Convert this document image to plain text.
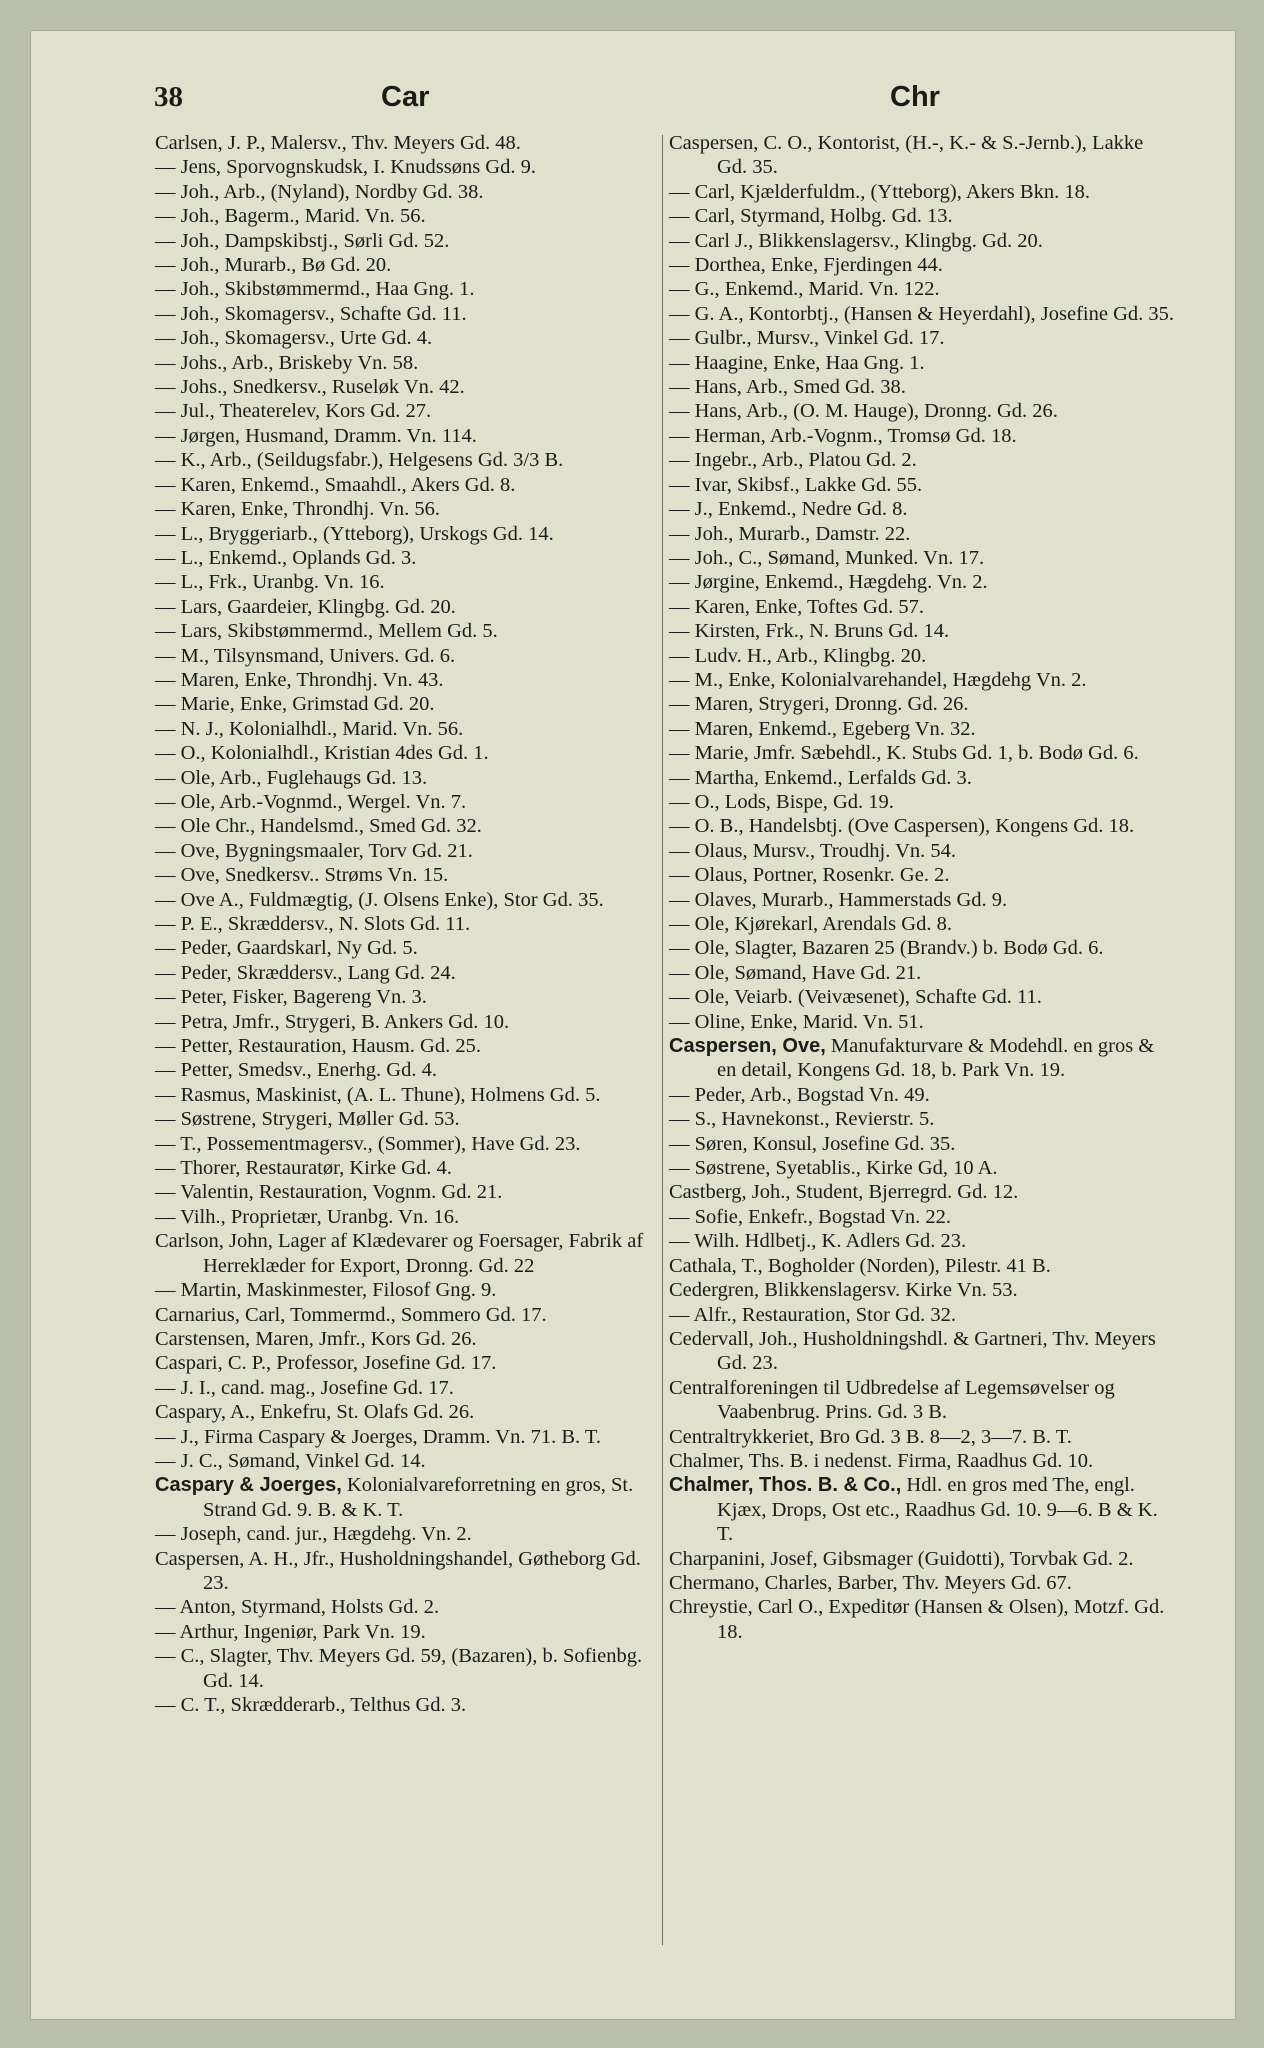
38	Car	Chr
Carlsen, J. P., Malersv., Thv. Meyers Gd. 48.
— Jens, Sporvognskudsk, I. Knudssøns Gd. 9.
— Joh., Arb., (Nyland), Nordby Gd. 38.
— Joh., Bagerm., Marid. Vn. 56.
— Joh., Dampskibstj., Sørli Gd. 52.
— Joh., Murarb., Bø Gd. 20.
— Joh., Skibstømmermd., Haa Gng. 1.
— Joh., Skomagersv., Schafte Gd. 11.
— Joh., Skomagersv., Urte Gd. 4.
— Johs., Arb., Briskeby Vn. 58.
— Johs., Snedkersv., Ruseløk Vn. 42.
— Jul., Theaterelev, Kors Gd. 27.
— Jørgen, Husmand, Dramm. Vn. 114.
— K., Arb., (Seildugsfabr.), Helgesens Gd. 3/3 B.
— Karen, Enkemd., Smaahdl., Akers Gd. 8.
— Karen, Enke, Throndhj. Vn. 56.
— L., Bryggeriarb., (Ytteborg), Urskogs Gd. 14.
— L., Enkemd., Oplands Gd. 3.
— L., Frk., Uranbg. Vn. 16.
— Lars, Gaardeier, Klingbg. Gd. 20.
— Lars, Skibstømmermd., Mellem Gd. 5.
— M., Tilsynsmand, Univers. Gd. 6.
— Maren, Enke, Throndhj. Vn. 43.
— Marie, Enke, Grimstad Gd. 20.
— N. J., Kolonialhdl., Marid. Vn. 56.
— O., Kolonialhdl., Kristian 4des Gd. 1.
— Ole, Arb., Fuglehaugs Gd. 13.
— Ole, Arb.-Vognmd., Wergel. Vn. 7.
— Ole Chr., Handelsmd., Smed Gd. 32.
— Ove, Bygningsmaaler, Torv Gd. 21.
— Ove, Snedkersv.. Strøms Vn. 15.
— Ove A., Fuldmægtig, (J. Olsens Enke), Stor Gd. 35.
— P. E., Skræddersv., N. Slots Gd. 11.
— Peder, Gaardskarl, Ny Gd. 5.
— Peder, Skræddersv., Lang Gd. 24.
— Peter, Fisker, Bagereng Vn. 3.
— Petra, Jmfr., Strygeri, B. Ankers Gd. 10.
— Petter, Restauration, Hausm. Gd. 25.
— Petter, Smedsv., Enerhg. Gd. 4.
— Rasmus, Maskinist, (A. L. Thune), Holmens Gd. 5.
— Søstrene, Strygeri, Møller Gd. 53.
— T., Possementmagersv., (Sommer), Have Gd. 23.
— Thorer, Restauratør, Kirke Gd. 4.
— Valentin, Restauration, Vognm. Gd. 21.
— Vilh., Proprietær, Uranbg. Vn. 16.
Carlson, John, Lager af Klædevarer og Foersager, Fabrik af Herreklæder for Export, Dronng. Gd. 22
— Martin, Maskinmester, Filosof Gng. 9.
Carnarius, Carl, Tommermd., Sommero Gd. 17.
Carstensen, Maren, Jmfr., Kors Gd. 26.
Caspari, C. P., Professor, Josefine Gd. 17.
— J. I., cand. mag., Josefine Gd. 17.
Caspary, A., Enkefru, St. Olafs Gd. 26.
— J., Firma Caspary & Joerges, Dramm. Vn. 71. B. T.
— J. C., Sømand, Vinkel Gd. 14.
Caspary & Joerges, Kolonialvareforretning en gros, St. Strand Gd. 9. B. & K. T.
— Joseph, cand. jur., Hægdehg. Vn. 2.
Caspersen, A. H., Jfr., Husholdningshandel, Gøtheborg Gd. 23.
— Anton, Styrmand, Holsts Gd. 2.
— Arthur, Ingeniør, Park Vn. 19.
— C., Slagter, Thv. Meyers Gd. 59, (Bazaren), b. Sofienbg. Gd. 14.
— C. T., Skrædderarb., Telthus Gd. 3.
Caspersen, C. O., Kontorist, (H.-, K.- & S.-Jernb.), Lakke Gd. 35.
— Carl, Kjælderfuldm., (Ytteborg), Akers Bkn. 18.
— Carl, Styrmand, Holbg. Gd. 13.
— Carl J., Blikkenslagersv., Klingbg. Gd. 20.
— Dorthea, Enke, Fjerdingen 44.
— G., Enkemd., Marid. Vn. 122.
— G. A., Kontorbtj., (Hansen & Heyerdahl), Josefine Gd. 35.
— Gulbr., Mursv., Vinkel Gd. 17.
— Haagine, Enke, Haa Gng. 1.
— Hans, Arb., Smed Gd. 38.
— Hans, Arb., (O. M. Hauge), Dronng. Gd. 26.
— Herman, Arb.-Vognm., Tromsø Gd. 18.
— Ingebr., Arb., Platou Gd. 2.
— Ivar, Skibsf., Lakke Gd. 55.
— J., Enkemd., Nedre Gd. 8.
— Joh., Murarb., Damstr. 22.
— Joh., C., Sømand, Munked. Vn. 17.
— Jørgine, Enkemd., Hægdehg. Vn. 2.
— Karen, Enke, Toftes Gd. 57.
— Kirsten, Frk., N. Bruns Gd. 14.
— Ludv. H., Arb., Klingbg. 20.
— M., Enke, Kolonialvarehandel, Hægdehg Vn. 2.
— Maren, Strygeri, Dronng. Gd. 26.
— Maren, Enkemd., Egeberg Vn. 32.
— Marie, Jmfr. Sæbehdl., K. Stubs Gd. 1, b. Bodø Gd. 6.
— Martha, Enkemd., Lerfalds Gd. 3.
— O., Lods, Bispe, Gd. 19.
— O. B., Handelsbtj. (Ove Caspersen), Kongens Gd. 18.
— Olaus, Mursv., Troudhj. Vn. 54.
— Olaus, Portner, Rosenkr. Ge. 2.
— Olaves, Murarb., Hammerstads Gd. 9.
— Ole, Kjørekarl, Arendals Gd. 8.
— Ole, Slagter, Bazaren 25 (Brandv.) b. Bodø Gd. 6.
— Ole, Sømand, Have Gd. 21.
— Ole, Veiarb. (Veivæsenet), Schafte Gd. 11.
— Oline, Enke, Marid. Vn. 51.
Caspersen, Ove, Manufakturvare & Modehdl. en gros & en detail, Kongens Gd. 18, b. Park Vn. 19.
— Peder, Arb., Bogstad Vn. 49.
— S., Havnekonst., Revierstr. 5.
— Søren, Konsul, Josefine Gd. 35.
— Søstrene, Syetablis., Kirke Gd, 10 A.
Castberg, Joh., Student, Bjerregrd. Gd. 12.
— Sofie, Enkefr., Bogstad Vn. 22.
— Wilh. Hdlbetj., K. Adlers Gd. 23.
Cathala, T., Bogholder (Norden), Pilestr. 41 B.
Cedergren, Blikkenslagersv. Kirke Vn. 53.
— Alfr., Restauration, Stor Gd. 32.
Cedervall, Joh., Husholdningshdl. & Gartneri, Thv. Meyers Gd. 23.
Centralforeningen til Udbredelse af Legemsøvelser og Vaabenbrug. Prins. Gd. 3 B.
Centraltrykkeriet, Bro Gd. 3 B. 8—2, 3—7. B. T.
Chalmer, Ths. B. i nedenst. Firma, Raadhus Gd. 10.
Chalmer, Thos. B. & Co., Hdl. en gros med The, engl. Kjæx, Drops, Ost etc., Raadhus Gd. 10. 9—6. B & K. T.
Charpanini, Josef, Gibsmager (Guidotti), Torvbak Gd. 2.
Chermano, Charles, Barber, Thv. Meyers Gd. 67.
Chreystie, Carl O., Expeditør (Hansen & Olsen), Motzf. Gd. 18.
